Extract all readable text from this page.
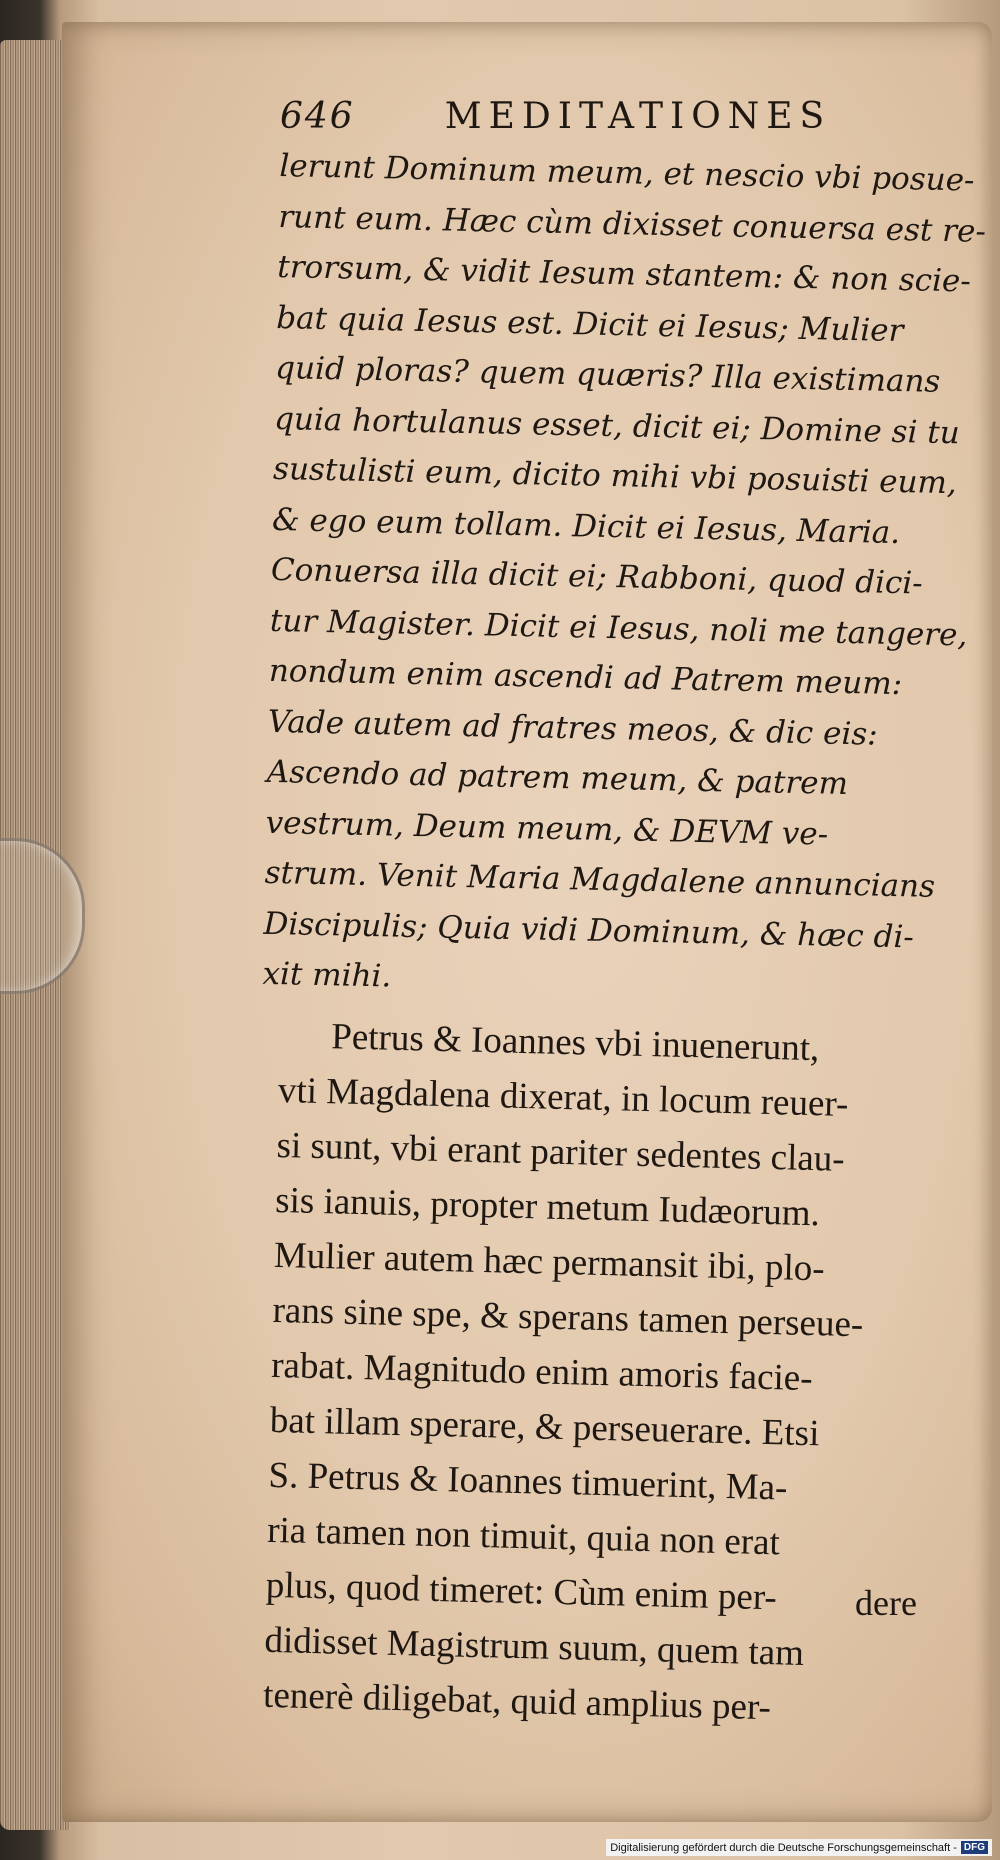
646	MEDITATIONES

lerunt Dominum meum, et nescio vbi posue-
runt eum. Hæc cùm dixisset conuersa est re-
trorsum, & vidit Iesum stantem: & non scie-
bat quia Iesus est. Dicit ei Iesus; Mulier
quid ploras? quem quæris? Illa existimans
quia hortulanus esset, dicit ei; Domine si tu
sustulisti eum, dicito mihi vbi posuisti eum,
& ego eum tollam. Dicit ei Iesus, Maria.
Conuersa illa dicit ei; Rabboni, quod dici-
tur Magister. Dicit ei Iesus, noli me tangere,
nondum enim ascendi ad Patrem meum:
Vade autem ad fratres meos, & dic eis:
Ascendo ad patrem meum, & patrem
vestrum, Deum meum, & DEVM ve-
strum. Venit Maria Magdalene annuncians
Discipulis; Quia vidi Dominum, & hæc di-
xit mihi.

Petrus & Ioannes vbi inuenerunt,
vti Magdalena dixerat, in locum reuer-
si sunt, vbi erant pariter sedentes clau-
sis ianuis, propter metum Iudæorum.
Mulier autem hæc permansit ibi, plo-
rans sine spe, & sperans tamen perseue-
rabat. Magnitudo enim amoris facie-
bat illam sperare, & perseuerare. Etsi
S. Petrus & Ioannes timuerint, Ma-
ria tamen non timuit, quia non erat
plus, quod timeret: Cùm enim per-
didisset Magistrum suum, quem tam
tenerè diligebat, quid amplius per-

dere
Digitalisierung gefördert durch die Deutsche Forschungsgemeinschaft - DFG
